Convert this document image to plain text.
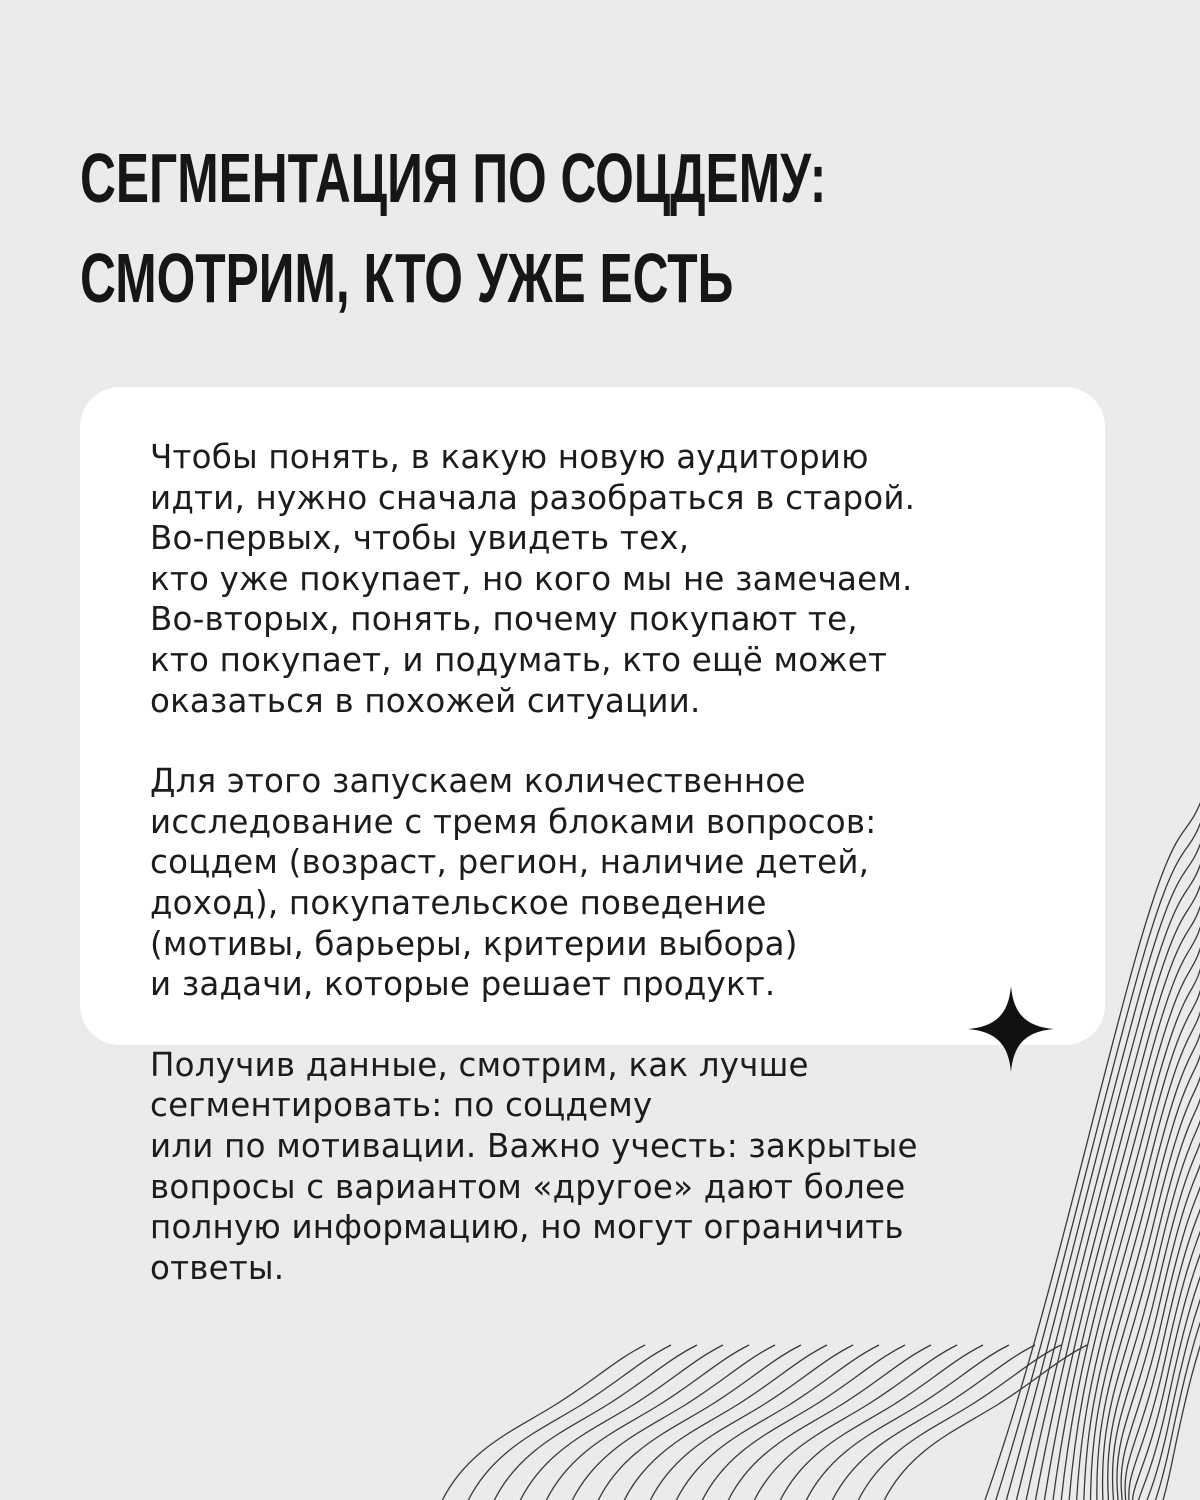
СЕГМЕНТАЦИЯ ПО СОЦДЕМУ:
СМОТРИМ, КТО УЖЕ ЕСТЬ

Чтобы понять, в какую новую аудиторию
идти, нужно сначала разобраться в старой.
Во-первых, чтобы увидеть тех,
кто уже покупает, но кого мы не замечаем.
Во-вторых, понять, почему покупают те,
кто покупает, и подумать, кто ещё может
оказаться в похожей ситуации.

Для этого запускаем количественное
исследование с тремя блоками вопросов:
соцдем (возраст, регион, наличие детей,
доход), покупательское поведение
(мотивы, барьеры, критерии выбора)
и задачи, которые решает продукт.

Получив данные, смотрим, как лучше
сегментировать: по соцдему
или по мотивации. Важно учесть: закрытые
вопросы с вариантом «другое» дают более
полную информацию, но могут ограничить
ответы.
